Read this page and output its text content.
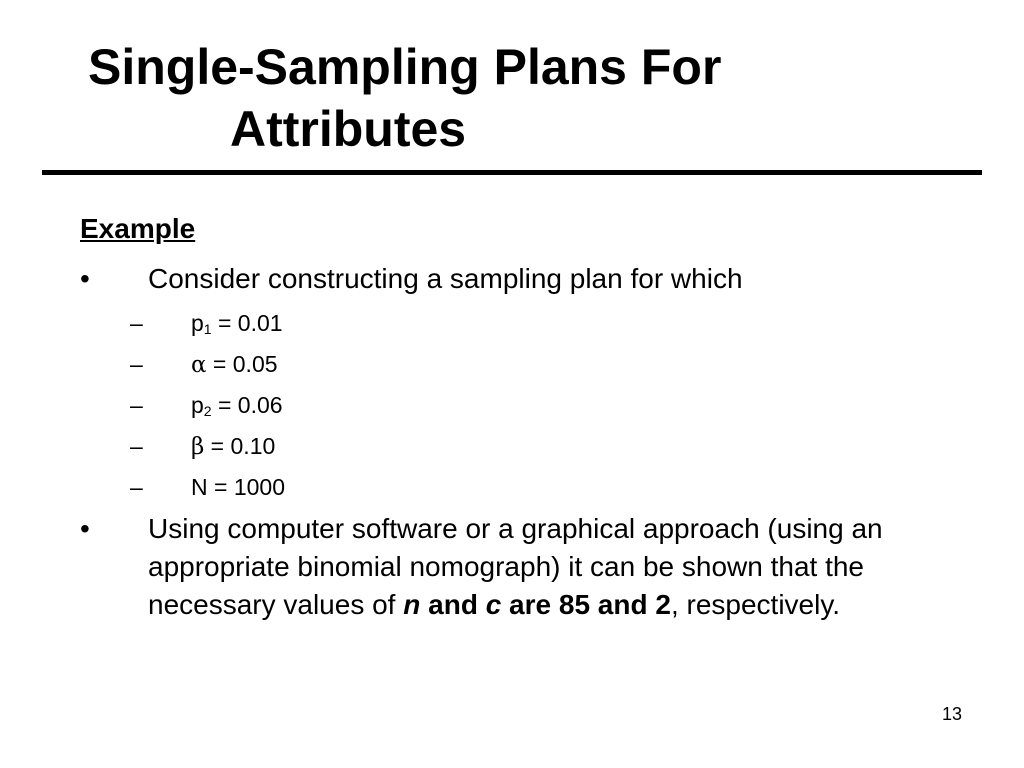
Single-Sampling Plans For
Attributes
Example
• Consider constructing a sampling plan for which
– $p_1 = 0.01$
– α = 0.05
– $p_2 = 0.06$
– β = 0.10
– N = 1000
• Using computer software or a graphical approach (using an appropriate binomial nomograph) it can be shown that the necessary values of n and c are 85 and 2, respectively.
13
